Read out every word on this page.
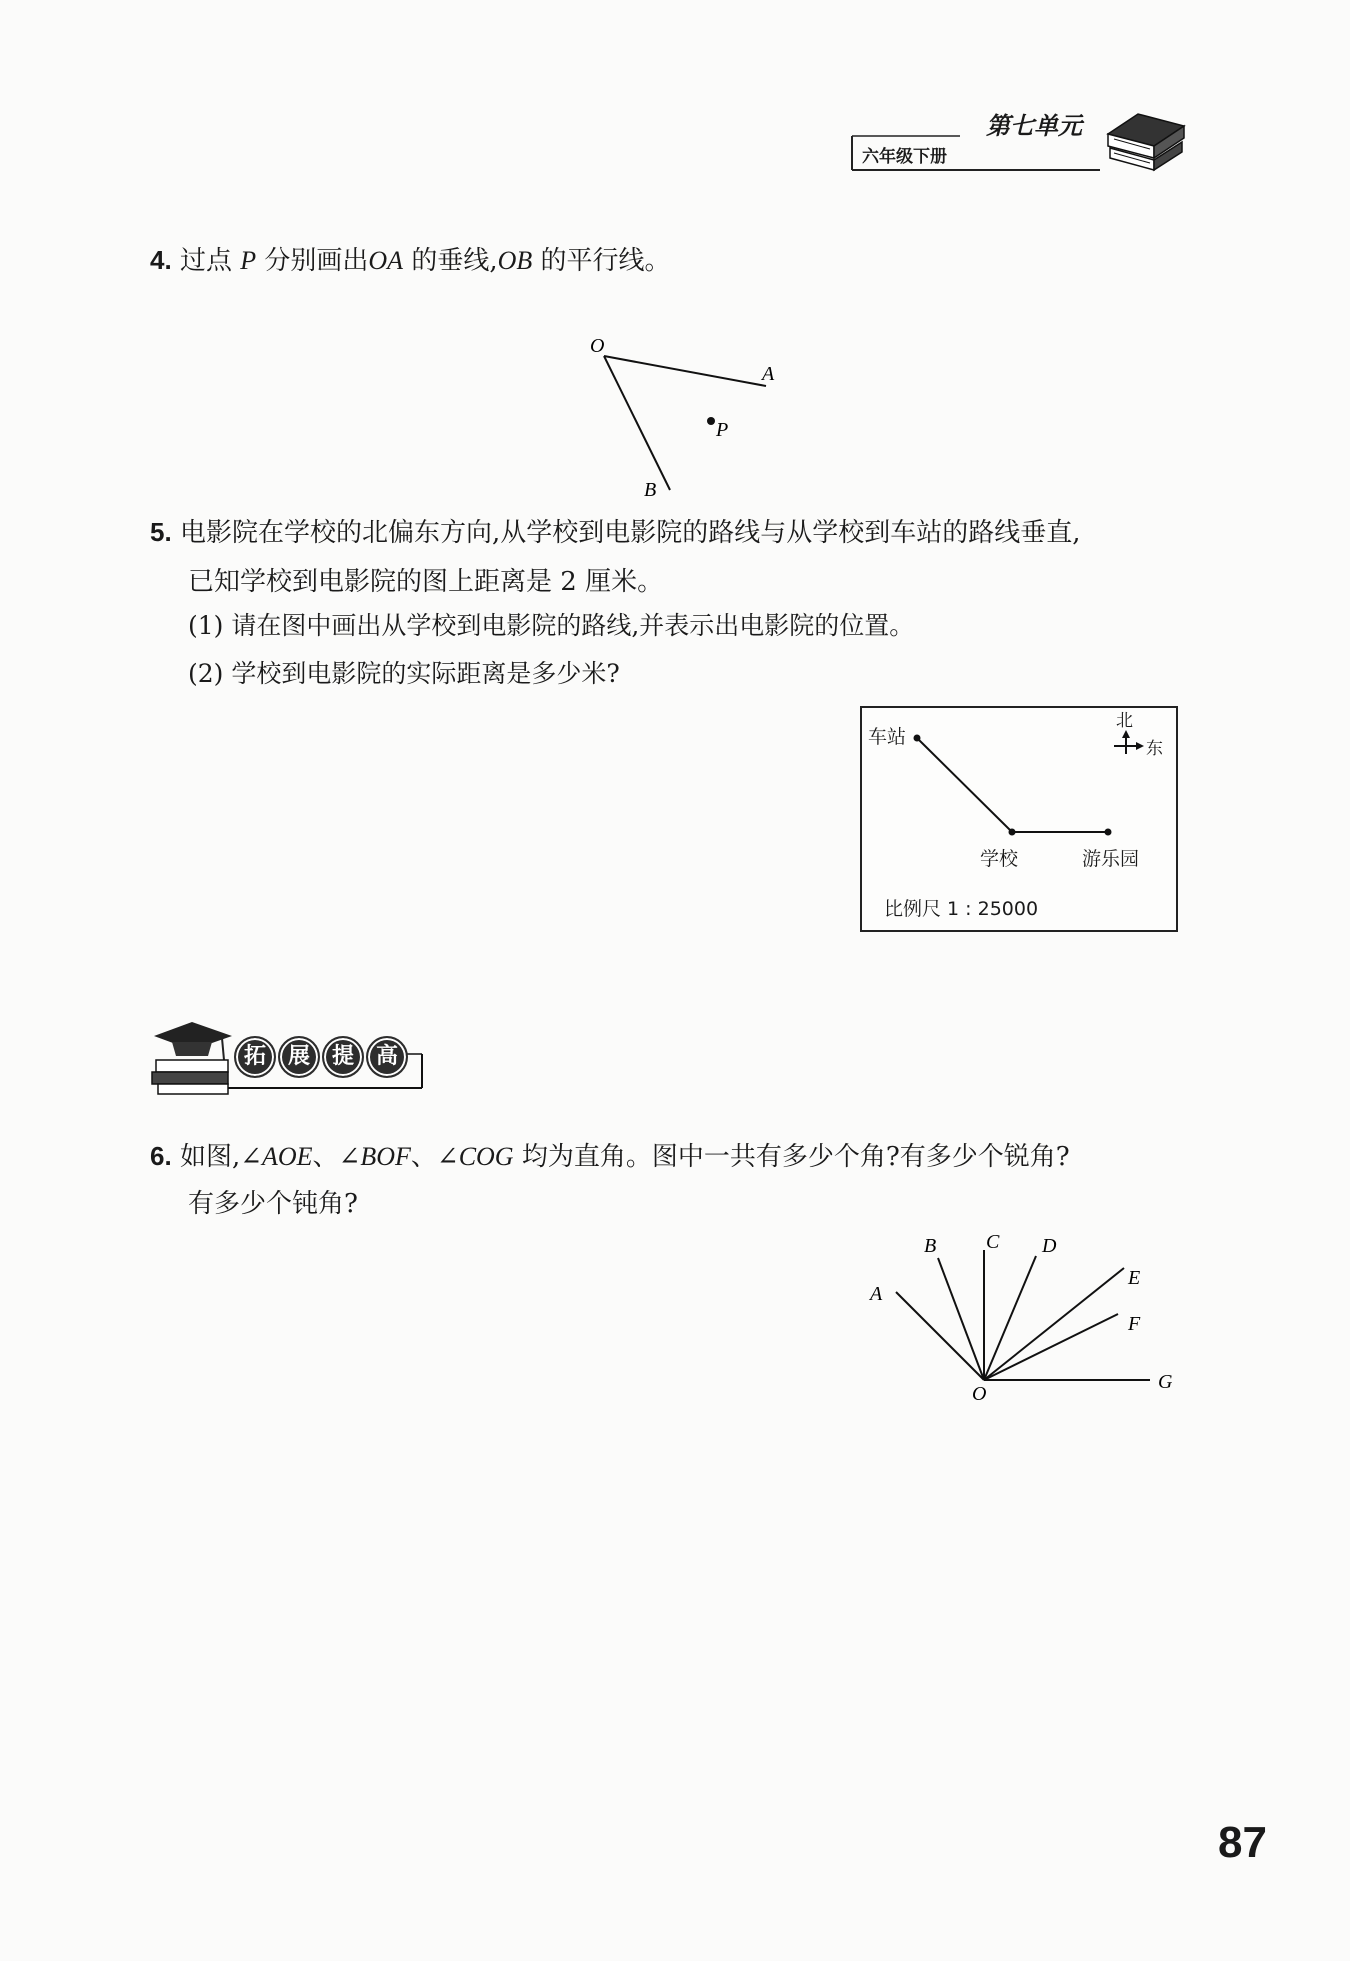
第七单元
六年级下册
4. 过点 P 分别画出OA 的垂线,OB 的平行线。
O
A
B
P
5. 电影院在学校的北偏东方向,从学校到电影院的路线与从学校到车站的路线垂直,
已知学校到电影院的图上距离是 2 厘米。
(1) 请在图中画出从学校到电影院的路线,并表示出电影院的位置。
(2) 学校到电影院的实际距离是多少米?
车站
学校	游乐园
北
东
比例尺 1 : 25000
拓 展 提 高
6. 如图,∠AOE、∠BOF、∠COG 均为直角。图中一共有多少个角?有多少个锐角?
有多少个钝角?
A
B C D
E
F
G
O
87
